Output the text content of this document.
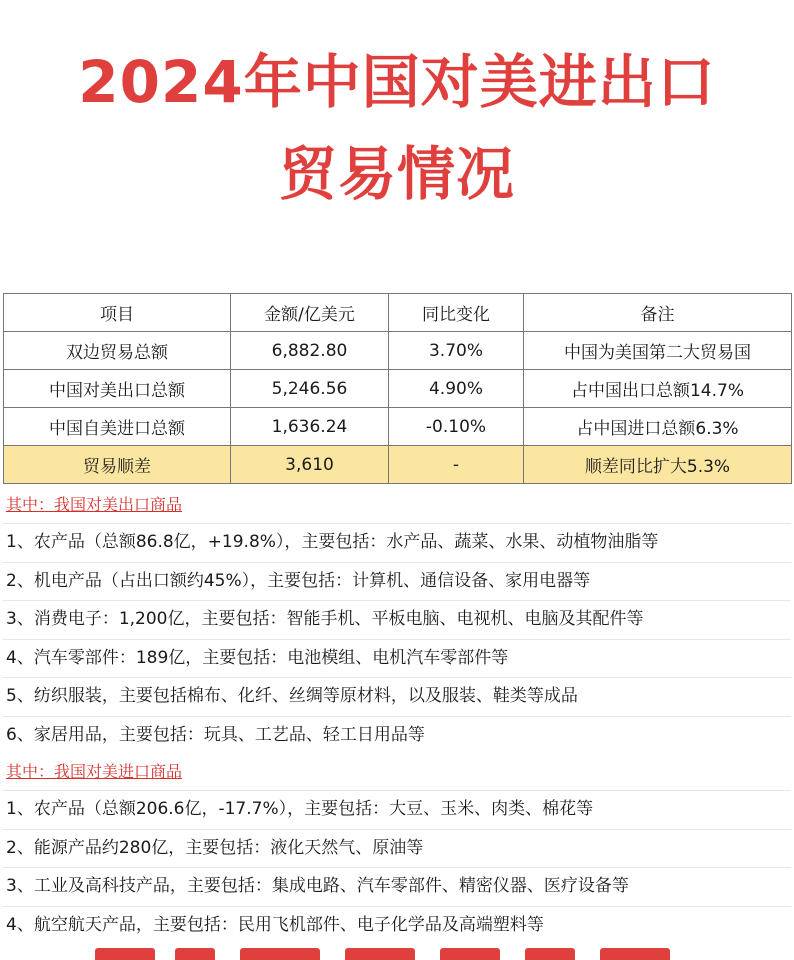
2024年中国对美进出口
贸易情况
项目	金额/亿美元	同比变化	备注
双边贸易总额	6,882.80	3.70%	中国为美国第二大贸易国
中国对美出口总额	5,246.56	4.90%	占中国出口总额14.7%
中国自美进口总额	1,636.24	-0.10%	占中国进口总额6.3%
贸易顺差	3,610	-	顺差同比扩大5.3%
其中：我国对美出口商品
1、农产品（总额86.8亿，+19.8%），主要包括：水产品、蔬菜、水果、动植物油脂等
2、机电产品（占出口额约45%），主要包括：计算机、通信设备、家用电器等
3、消费电子：1,200亿，主要包括：智能手机、平板电脑、电视机、电脑及其配件等
4、汽车零部件：189亿，主要包括：电池模组、电机汽车零部件等
5、纺织服装，主要包括棉布、化纤、丝绸等原材料，以及服装、鞋类等成品
6、家居用品，主要包括：玩具、工艺品、轻工日用品等
其中：我国对美进口商品
1、农产品（总额206.6亿，-17.7%），主要包括：大豆、玉米、肉类、棉花等
2、能源产品约280亿，主要包括：液化天然气、原油等
3、工业及高科技产品，主要包括：集成电路、汽车零部件、精密仪器、医疗设备等
4、航空航天产品，主要包括：民用飞机部件、电子化学品及高端塑料等
